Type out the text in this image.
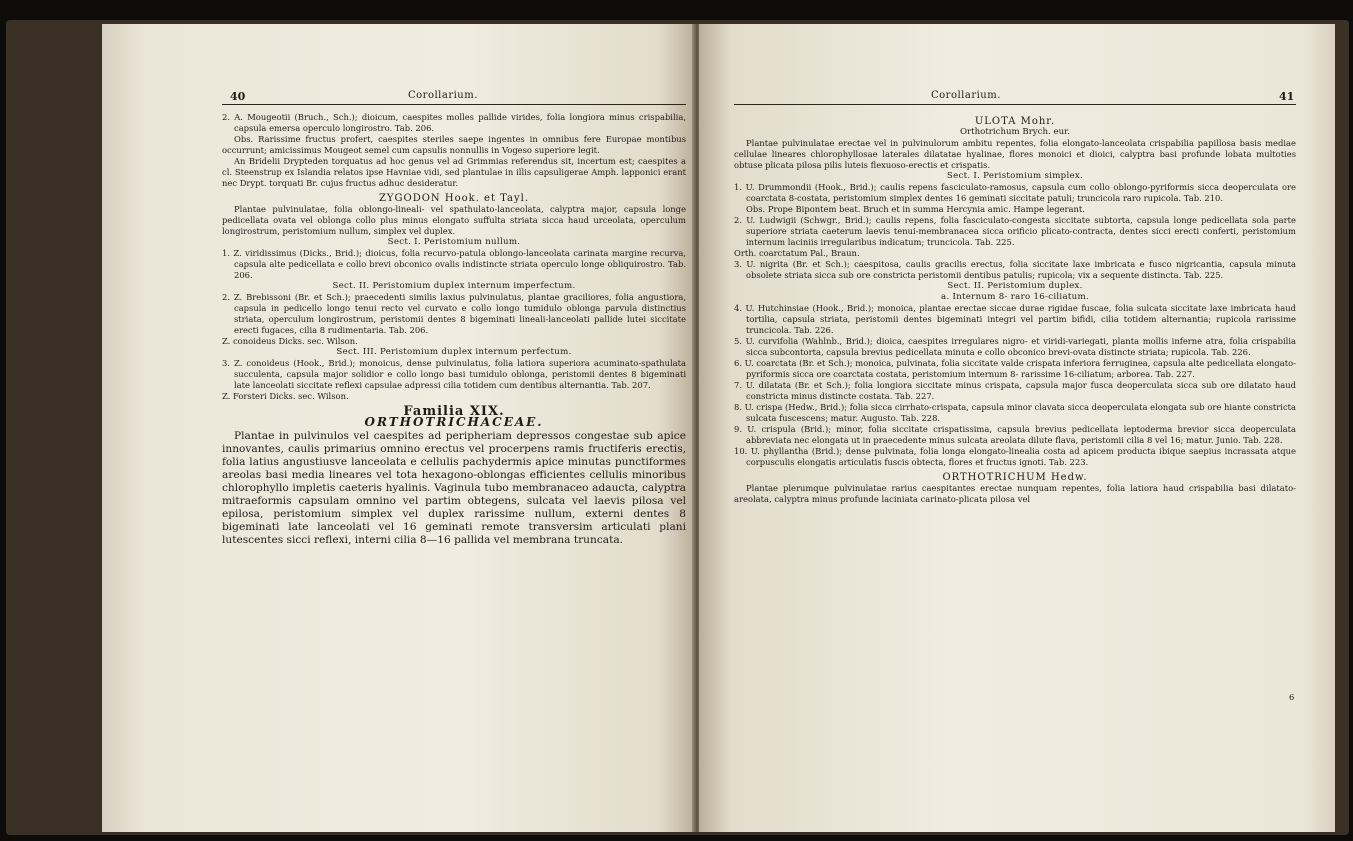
40	Corollarium.

2. A. Mougeotii (Bruch., Sch.); dioicum, caespites molles pallide virides, folia longiora minus crispabilia, capsula emersa operculo longirostro. Tab. 206.

Obs. Rarissime fructus profert, caespites steriles saepe ingentes in omnibus fere Europae montibus occurrunt; amicissimus Mougeot semel cum capsulis nonnullis in Vogeso superiore legit.

An Bridelii Drypteden torquatus ad hoc genus vel ad Grimmias referendus sit, incertum est; caespites a cl. Steenstrup ex Islandia relatos ipse Havniae vidi, sed plantulae in illis capsuligerae Amph. lapponici erant nec Drypt. torquati Br. cujus fructus adhuc desideratur.

ZYGODON Hook. et Tayl.

Plantae pulvinulatae, folia oblongo-lineali- vel spathulato-lanceolata, calyptra major, capsula longe pedicellata ovata vel oblonga collo plus minus elongato suffulta striata sicca haud urceolata, operculum longirostrum, peristomium nullum, simplex vel duplex.

Sect. I. Peristomium nullum.

1. Z. viridissimus (Dicks., Brid.); dioicus, folia recurvo-patula oblongo-lanceolata carinata margine recurva, capsula alte pedicellata e collo brevi obconico ovalis indistincte striata operculo longe obliquirostro. Tab. 206.

Sect. II. Peristomium duplex internum imperfectum.

2. Z. Brebissoni (Br. et Sch.); praecedenti similis laxius pulvinulatus, plantae graciliores, folia angustiora, capsula in pedicello longo tenui recto vel curvato e collo longo tumidulo oblonga parvula distinctius striata, operculum longirostrum, peristomii dentes 8 bigeminati lineali-lanceolati pallide lutei siccitate erecti fugaces, cilia 8 rudimentaria. Tab. 206.

Z. conoideus Dicks. sec. Wilson.

Sect. III. Peristomium duplex internum perfectum.

3. Z. conoideus (Hook., Brid.); monoicus, dense pulvinulatus, folia latiora superiora acuminato-spathulata succulenta, capsula major solidior e collo longo basi tumidulo oblonga, peristomii dentes 8 bigeminati late lanceolati siccitate reflexi capsulae adpressi cilia totidem cum dentibus alternantia. Tab. 207.

Z. Forsteri Dicks. sec. Wilson.

Familia XIX.

ORTHOTRICHACEAE.

Plantae in pulvinulos vel caespites ad peripheriam depressos congestae sub apice innovantes, caulis primarius omnino erectus vel procerpens ramis fructiferis erectis, folia latius angustiusve lanceolata e cellulis pachydermis apice minutas punctiformes areolas basi media lineares vel tota hexagono-oblongas efficientes cellulis minoribus chlorophyllo impletis caeteris hyalinis. Vaginula tubo membranaceo adaucta, calyptra mitraeformis capsulam omnino vel partim obtegens, sulcata vel laevis pilosa vel epilosa, peristomium simplex vel duplex rarissime nullum, externi dentes 8 bigeminati late lanceolati vel 16 geminati remote transversim articulati plani lutescentes sicci reflexi, interni cilia 8—16 pallida vel membrana truncata.

Corollarium.	41

ULOTA Mohr.

Orthotrichum Brych. eur.

Plantae pulvinulatae erectae vel in pulvinulorum ambitu repentes, folia elongato-lanceolata crispabilia papillosa basis mediae cellulae lineares chlorophyllosae laterales dilatatae hyalinae, flores monoici et dioici, calyptra basi profunde lobata multoties obtuse plicata pilosa pilis luteis flexuoso-erectis et crispatis.

Sect. I. Peristomium simplex.

1. U. Drummondii (Hook., Brid.); caulis repens fasciculato-ramosus, capsula cum collo oblongo-pyriformis sicca deoperculata ore coarctata 8-costata, peristomium simplex dentes 16 geminati siccitate patuli; truncicola raro rupicola. Tab. 210.

Obs. Prope Bipontem beat. Bruch et in summa Hercynia amic. Hampe legerant.

2. U. Ludwigii (Schwgr., Brid.); caulis repens, folia fasciculato-congesta siccitate subtorta, capsula longe pedicellata sola parte superiore striata caeterum laevis tenui-membranacea sicca orificio plicato-contracta, dentes sicci erecti conferti, peristomium internum laciniis irregularibus indicatum; truncicola. Tab. 225.

Orth. coarctatum Pal., Braun.

3. U. nigrita (Br. et Sch.); caespitosa, caulis gracilis erectus, folia siccitate laxe imbricata e fusco nigricantia, capsula minuta obsolete striata sicca sub ore constricta peristomii dentibus patulis; rupicola; vix a sequente distincta. Tab. 225.

Sect. II. Peristomium duplex.

a. Internum 8- raro 16-ciliatum.

4. U. Hutchinsiae (Hook., Brid.); monoica, plantae erectae siccae durae rigidae fuscae, folia sulcata siccitate laxe imbricata haud tortilia, capsula striata, peristomii dentes bigeminati integri vel partim bifidi, cilia totidem alternantia; rupicola rarissime truncicola. Tab. 226.

5. U. curvifolia (Wahlnb., Brid.); dioica, caespites irregulares nigro- et viridi-variegati, planta mollis inferne atra, folia crispabilia sicca subcontorta, capsula brevius pedicellata minuta e collo obconico brevi-ovata distincte striata; rupicola. Tab. 226.

6. U. coarctata (Br. et Sch.); monoica, pulvinata, folia siccitate valde crispata inferiora ferruginea, capsula alte pedicellata elongato-pyriformis sicca ore coarctata costata, peristomium internum 8- rarissime 16-ciliatum; arborea. Tab. 227.

7. U. dilatata (Br. et Sch.); folia longiora siccitate minus crispata, capsula major fusca deoperculata sicca sub ore dilatato haud constricta minus distincte costata. Tab. 227.

8. U. crispa (Hedw., Brid.); folia sicca cirrhato-crispata, capsula minor clavata sicca deoperculata elongata sub ore hiante constricta sulcata fuscescens; matur. Augusto. Tab. 228.

9. U. crispula (Brid.); minor, folia siccitate crispatissima, capsula brevius pedicellata leptoderma brevior sicca deoperculata abbreviata nec elongata ut in praecedente minus sulcata areolata dilute flava, peristomii cilia 8 vel 16; matur. Junio. Tab. 228.

10. U. phyllantha (Brid.); dense pulvinata, folia longa elongato-linealia costa ad apicem producta ibique saepius incrassata atque corpusculis elongatis articulatis fuscis obtecta, flores et fructus ignoti. Tab. 223.

ORTHOTRICHUM Hedw.

Plantae plerumque pulvinulatae rarius caespitantes erectae nunquam repentes, folia latiora haud crispabilia basi dilatato-areolata, calyptra minus profunde laciniata carinato-plicata pilosa vel

6
